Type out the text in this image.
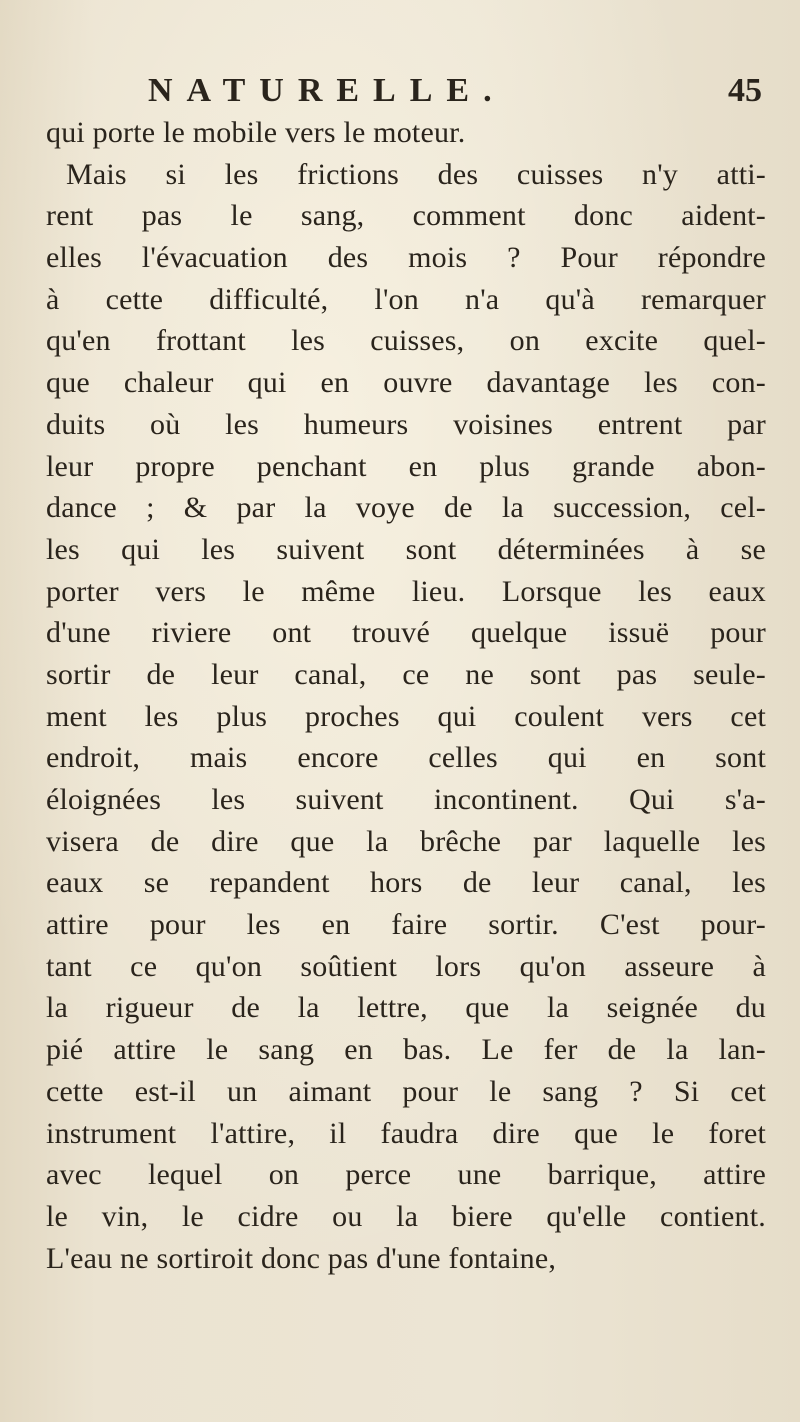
NATURELLE.	45
qui porte le mobile vers le moteur.
Mais si les frictions des cuisses n'y atti-
rent pas le sang, comment donc aident-
elles l'évacuation des mois ? Pour répondre
à cette difficulté, l'on n'a qu'à remarquer
qu'en frottant les cuisses, on excite quel-
que chaleur qui en ouvre davantage les con-
duits où les humeurs voisines entrent par
leur propre penchant en plus grande abon-
dance ; & par la voye de la succession, cel-
les qui les suivent sont déterminées à se
porter vers le même lieu. Lorsque les eaux
d'une riviere ont trouvé quelque issuë pour
sortir de leur canal, ce ne sont pas seule-
ment les plus proches qui coulent vers cet
endroit, mais encore celles qui en sont
éloignées les suivent incontinent. Qui s'a-
visera de dire que la brêche par laquelle les
eaux se repandent hors de leur canal, les
attire pour les en faire sortir. C'est pour-
tant ce qu'on soûtient lors qu'on asseure à
la rigueur de la lettre, que la seignée du
pié attire le sang en bas. Le fer de la lan-
cette est-il un aimant pour le sang ? Si cet
instrument l'attire, il faudra dire que le foret
avec lequel on perce une barrique, attire
le vin, le cidre ou la biere qu'elle contient.
L'eau ne sortiroit donc pas d'une fontaine,
